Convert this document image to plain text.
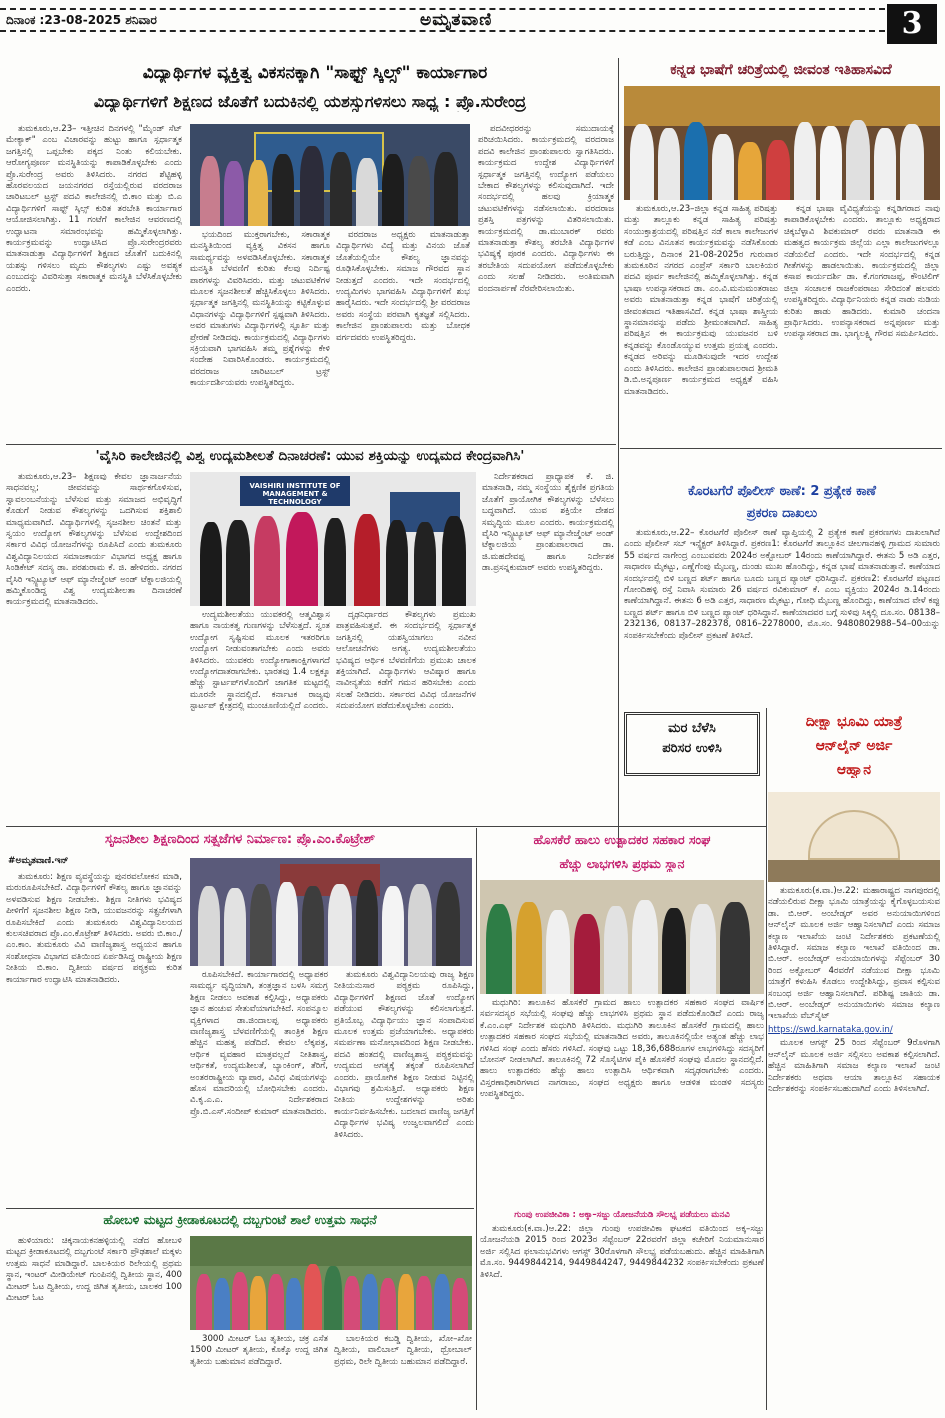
ದಿನಾಂಕ :23-08-2025 ಶನಿವಾರ	ಅಮೃತವಾಣಿ	3
ವಿದ್ಯಾರ್ಥಿಗಳ ವ್ಯಕ್ತಿತ್ವ ವಿಕಸನಕ್ಕಾಗಿ "ಸಾಫ್ಟ್ ಸ್ಕಿಲ್ಸ್" ಕಾರ್ಯಾಗಾರ
ವಿದ್ಯಾರ್ಥಿಗಳಿಗೆ ಶಿಕ್ಷಣದ ಜೊತೆಗೆ ಬದುಕಿನಲ್ಲಿ ಯಶಸ್ಸುಗಳಿಸಲು ಸಾಧ್ಯ : ಪ್ರೊ.ಸುರೇಂದ್ರ

ತುಮಕೂರು,ಆ.23– ಇತ್ತೀಚಿನ ದಿನಗಳಲ್ಲಿ "ಮೈಂಡ್ ಸೆಟ್ ಮೇಕ್ಯಾಕ್" ಎಂಬ ವಿಚಾರವನ್ನು ಹುಟ್ಟು ಹಾಗೂ ಸ್ಪರ್ಧಾತ್ಮಕ ಜಗತ್ತಿನಲ್ಲಿ ಒಪ್ಪಬೇಕು ಪಕ್ಕದ ನಿಂತು ಕಲಿಯಬೇಕು. ಆರೋಗ್ಯಪೂರ್ಣ ಮನಸ್ಥಿತಿಯನ್ನು ಕಾಪಾಡಿಕೊಳ್ಳಬೇಕು ಎಂದು ಪ್ರೊ.ಸುರೇಂದ್ರ ಅವರು ತಿಳಿಸಿದರು. ನಗರದ ಶೆಟ್ಟಿಹಳ್ಳಿ ಹೊರವಲಯದ ಜಯನಗರದ ರಸ್ತೆಯಲ್ಲಿರುವ ವರದರಾಜ ಚಾರಿಟಬಲ್ ಟ್ರಸ್ಟ್ ಪದವಿ ಕಾಲೇಜಿನಲ್ಲಿ ಬಿ.ಕಾಂ ಮತ್ತು ಬಿ.ಎ ವಿದ್ಯಾರ್ಥಿಗಳಿಗೆ ಸಾಫ್ಟ್ ಸ್ಕಿಲ್ಸ್ ಕುರಿತ ತರಬೇತಿ ಕಾರ್ಯಾಗಾರ ಆಯೋಜಿಸಲಾಗಿತ್ತು. 11 ಗಂಟೆಗೆ ಕಾಲೇಜಿನ ಆವರಣದಲ್ಲಿ ಉದ್ಘಾಟನಾ ಸಮಾರಂಭವನ್ನು ಹಮ್ಮಿಕೊಳ್ಳಲಾಗಿತ್ತು. ಕಾರ್ಯಕ್ರಮವನ್ನು ಉದ್ಘಾಟಿಸಿದ ಪ್ರೊ.ಸುರೇಂದ್ರರವರು ಮಾತನಾಡುತ್ತಾ ವಿದ್ಯಾರ್ಥಿಗಳಿಗೆ ಶಿಕ್ಷಣದ ಜೊತೆಗೆ ಬದುಕಿನಲ್ಲಿ ಯಶಸ್ಸು ಗಳಿಸಲು ಮೃದು ಕೌಶಲ್ಯಗಳು ಎಷ್ಟು ಅವಶ್ಯಕ ಎಂಬುದನ್ನು ವಿವರಿಸುತ್ತಾ ಸಕಾರಾತ್ಮಕ ಮನಸ್ಥಿತಿ ಬೆಳೆಸಿಕೊಳ್ಳಬೇಕು ಎಂದರು.

ಭಯದಿಂದ ಮುಕ್ತರಾಗಬೇಕು, ಸಕಾರಾತ್ಮಕ ಮನಸ್ಥಿತಿಯಿಂದ ವ್ಯಕ್ತಿತ್ವ ವಿಕಸನ ಹಾಗೂ ಸಾಮರ್ಥ್ಯವನ್ನು ಅಳವಡಿಸಿಕೊಳ್ಳಬೇಕು. ಸಕಾರಾತ್ಮಕ ಮನಸ್ಥಿತಿ ಬೆಳವಣಿಗೆ ಕುರಿತು ಕೆಲವು ನಿರ್ದಿಷ್ಟ ಪಾಠಗಳನ್ನು ವಿವರಿಸಿದರು. ಮತ್ತು ಚಟುವಟಿಕೆಗಳ ಮೂಲಕ ಸೃಜನಶೀಲತೆ ಹೆಚ್ಚಿಸಿಕೊಳ್ಳಲು ತಿಳಿಸಿದರು. ಸ್ಪರ್ಧಾತ್ಮಕ ಜಗತ್ತಿನಲ್ಲಿ ಮನಸ್ಥಿತಿಯನ್ನು ಕಟ್ಟಿಕೊಳ್ಳುವ ವಿಧಾನಗಳನ್ನು ವಿದ್ಯಾರ್ಥಿಗಳಿಗೆ ಸ್ಪಷ್ಟವಾಗಿ ತಿಳಿಸಿದರು. ಅವರ ಮಾತುಗಳು ವಿದ್ಯಾರ್ಥಿಗಳಲ್ಲಿ ಸ್ಫೂರ್ತಿ ಮತ್ತು ಪ್ರೇರಣೆ ನೀಡಿದವು. ಕಾರ್ಯಕ್ರಮದಲ್ಲಿ ವಿದ್ಯಾರ್ಥಿಗಳು ಸಕ್ರಿಯವಾಗಿ ಭಾಗವಹಿಸಿ ತಮ್ಮ ಪ್ರಶ್ನೆಗಳನ್ನು ಕೇಳಿ ಸಂದೇಹ ನಿವಾರಿಸಿಕೊಂಡರು. ಕಾರ್ಯಕ್ರಮದಲ್ಲಿ ವರದರಾಜ ಚಾರಿಟಬಲ್ ಟ್ರಸ್ಟ್ ಕಾರ್ಯದರ್ಶಿಯವರು ಉಪಸ್ಥಿತರಿದ್ದರು.

ವರದರಾಜ ಅಧ್ಯಕ್ಷರು ಮಾತನಾಡುತ್ತಾ ವಿದ್ಯಾರ್ಥಿಗಳು ವಿದ್ಯೆ ಮತ್ತು ವಿನಯ ಜೊತೆ ಜೊತೆಯಲ್ಲಿಯೇ ಕೌಶಲ್ಯ ಜ್ಞಾನವನ್ನು ರೂಢಿಸಿಕೊಳ್ಳಬೇಕು. ಸಮಾಜ ಗೌರವದ ಸ್ಥಾನ ನೀಡುತ್ತದೆ ಎಂದರು. ಇದೇ ಸಂದರ್ಭದಲ್ಲಿ ಉದ್ಯಮಿಗಳು ಭಾಗವಹಿಸಿ ವಿದ್ಯಾರ್ಥಿಗಳಿಗೆ ಶುಭ ಹಾರೈಸಿದರು. ಇದೇ ಸಂದರ್ಭದಲ್ಲಿ ಶ್ರೀ ವರದರಾಜ ಅವರು ಸಂಸ್ಥೆಯ ಪರವಾಗಿ ಕೃತಜ್ಞತೆ ಸಲ್ಲಿಸಿದರು. ಕಾಲೇಜಿನ ಪ್ರಾಂಶುಪಾಲರು ಮತ್ತು ಬೋಧಕ ವರ್ಗದವರು ಉಪಸ್ಥಿತರಿದ್ದರು.

ಪದವೀಧರರನ್ನು ಸಮುದಾಯಕ್ಕೆ ಪರಿಚಯಿಸಿದರು. ಕಾರ್ಯಕ್ರಮದಲ್ಲಿ ವರದರಾಜ ಪದವಿ ಕಾಲೇಜಿನ ಪ್ರಾಂಶುಪಾಲರು ಸ್ವಾಗತಿಸಿದರು. ಕಾರ್ಯಕ್ರಮದ ಉದ್ದೇಶ ವಿದ್ಯಾರ್ಥಿಗಳಿಗೆ ಸ್ಪರ್ಧಾತ್ಮಕ ಜಗತ್ತಿನಲ್ಲಿ ಉದ್ಯೋಗ ಪಡೆಯಲು ಬೇಕಾದ ಕೌಶಲ್ಯಗಳನ್ನು ಕಲಿಸುವುದಾಗಿದೆ. ಇದೇ ಸಂದರ್ಭದಲ್ಲಿ ಹಲವು ಕ್ರಿಯಾತ್ಮಕ ಚಟುವಟಿಕೆಗಳನ್ನು ನಡೆಸಲಾಯಿತು. ವರದರಾಜ ಪ್ರಶಸ್ತಿ ಪತ್ರಗಳನ್ನು ವಿತರಿಸಲಾಯಿತು. ಕಾರ್ಯಕ್ರಮದಲ್ಲಿ ಡಾ.ಮುಬಾರಕ್ ರವರು ಮಾತನಾಡುತ್ತಾ ಕೌಶಲ್ಯ ತರಬೇತಿ ವಿದ್ಯಾರ್ಥಿಗಳ ಭವಿಷ್ಯಕ್ಕೆ ಪೂರಕ ಎಂದರು. ವಿದ್ಯಾರ್ಥಿಗಳು ಈ ತರಬೇತಿಯ ಸದುಪಯೋಗ ಪಡೆದುಕೊಳ್ಳಬೇಕು ಎಂದು ಸಲಹೆ ನೀಡಿದರು. ಅಂತಿಮವಾಗಿ ವಂದನಾರ್ಪಣೆ ನೆರವೇರಿಸಲಾಯಿತು.

ಕನ್ನಡ ಭಾಷೆಗೆ ಚರಿತ್ರೆಯಲ್ಲಿ ಜೀವಂತ ಇತಿಹಾಸವಿದೆ

ತುಮಕೂರು,ಆ.23–ಜಿಲ್ಲಾ ಕನ್ನಡ ಸಾಹಿತ್ಯ ಪರಿಷತ್ತು ಮತ್ತು ತಾಲ್ಲೂಕು ಕನ್ನಡ ಸಾಹಿತ್ಯ ಪರಿಷತ್ತು ಸಂಯುಕ್ತಾಶ್ರಯದಲ್ಲಿ ಪರಿಷತ್ತಿನ ನಡೆ ಕಾಲಾ ಕಾಲೇಜುಗಳ ಕಡೆ ಎಂಬ ವಿನೂತನ ಕಾರ್ಯಕ್ರಮವನ್ನು ನಡೆಸಿಕೊಂಡು ಬರುತ್ತಿದ್ದು, ದಿನಾಂಕ 21-08-2025ರ ಗುರುವಾರ ತುಮಕೂರಿನ ನಗರದ ಎಂಪ್ರೆಸ್ ಸರ್ಕಾರಿ ಬಾಲಕಿಯರ ಪದವಿ ಪೂರ್ವ ಕಾಲೇಜಿನಲ್ಲಿ ಹಮ್ಮಿಕೊಳ್ಳಲಾಗಿತ್ತು. ಕನ್ನಡ ಭಾಷಾ ಉಪನ್ಯಾಸಕರಾದ ಡಾ. ಎಂ.ವಿ.ಮನುಮಂತರಾಜು ಅವರು ಮಾತನಾಡುತ್ತಾ ಕನ್ನಡ ಭಾಷೆಗೆ ಚರಿತ್ರೆಯಲ್ಲಿ ಜೀವಂತವಾದ ಇತಿಹಾಸವಿದೆ. ಕನ್ನಡ ಭಾಷಾ ಶಾಸ್ತ್ರೀಯ ಸ್ಥಾನಮಾನವನ್ನು ಪಡೆದು ಶ್ರೀಮಂತವಾಗಿದೆ. ಸಾಹಿತ್ಯ ಪರಿಷತ್ತಿನ ಈ ಕಾರ್ಯಕ್ರಮವು ಯುವಜನರ ಬಳಿ ಕನ್ನಡವನ್ನು ಕೊಂಡೊಯ್ಯುವ ಉತ್ತಮ ಪ್ರಯತ್ನ ಎಂದರು. ಕನ್ನಡದ ಅರಿವನ್ನು ಮೂಡಿಸುವುದೇ ಇದರ ಉದ್ದೇಶ ಎಂದು ತಿಳಿಸಿದರು. ಕಾಲೇಜಿನ ಪ್ರಾಂಶುಪಾಲರಾದ ಶ್ರೀಮತಿ ಡಿ.ಬಿ.ಅನ್ನಪೂರ್ಣ ಕಾರ್ಯಕ್ರಮದ ಅಧ್ಯಕ್ಷತೆ ವಹಿಸಿ ಮಾತನಾಡಿದರು.

ಕನ್ನಡ ಭಾಷಾ ವೈವಿಧ್ಯತೆಯನ್ನು ಕನ್ನಡಿಗರಾದ ನಾವು ಕಾಪಾಡಿಕೊಳ್ಳಬೇಕು ಎಂದರು. ತಾಲ್ಲೂಕು ಅಧ್ಯಕ್ಷರಾದ ಚಿಕ್ಕಬೆಳ್ಳಾವಿ ಶಿವಕುಮಾರ್ ರವರು ಮಾತನಾಡಿ ಈ ಮಹತ್ವದ ಕಾರ್ಯಕ್ರಮ ಜಿಲ್ಲೆಯ ಎಲ್ಲಾ ಕಾಲೇಜುಗಳಲ್ಲೂ ನಡೆಯಲಿದೆ ಎಂದರು. ಇದೇ ಸಂದರ್ಭದಲ್ಲಿ ಕನ್ನಡ ಗೀತೆಗಳನ್ನು ಹಾಡಲಾಯಿತು. ಕಾರ್ಯಕ್ರಮದಲ್ಲಿ ಜಿಲ್ಲಾ ಕಸಾಪ ಕಾರ್ಯದರ್ಶಿ ಡಾ. ಕೆ.ಗಂಗರಾಜಪ್ಪ, ಕೌಂಟಿಲಿಗ್ ಜಿಲ್ಲಾ ಸಂಚಾಲಕ ರಾಜಕೆಂಪರಾಜು ಸೇರಿದಂತೆ ಹಲವರು ಉಪಸ್ಥಿತರಿದ್ದರು. ವಿದ್ಯಾರ್ಥಿನಿಯರು ಕನ್ನಡ ನಾಡು ನುಡಿಯ ಕುರಿತು ಹಾಡು ಹಾಡಿದರು. ಕುಮಾರಿ ಚಂದನಾ ಪ್ರಾರ್ಥಿಸಿದರು. ಉಪನ್ಯಾಸಕರಾದ ಅನ್ನಪೂರ್ಣ ಮತ್ತು ಉಪನ್ಯಾಸಕರಾದ ಡಾ. ಭಾಗ್ಯಲಕ್ಷ್ಮಿ ಗೌರವ ಸಮರ್ಪಿಸಿದರು.

'ವೈಸಿರಿ ಕಾಲೇಜಿನಲ್ಲಿ ವಿಶ್ವ ಉದ್ಯಮಶೀಲತೆ ದಿನಾಚರಣೆ: ಯುವ ಶಕ್ತಿಯನ್ನು ಉದ್ಯಮದ ಕೇಂದ್ರವಾಗಿಸಿ'

ತುಮಕೂರು,ಆ.23– ಶಿಕ್ಷಣವು ಕೇವಲ ಜ್ಞಾನಾರ್ಜನೆಯ ಸಾಧನವಲ್ಲ; ಜೀವನವನ್ನು ಸಾರ್ಥಕಗೊಳಿಸುವ, ಸ್ವಾವಲಂಬನೆಯನ್ನು ಬೆಳೆಸುವ ಮತ್ತು ಸಮಾಜದ ಅಭಿವೃದ್ಧಿಗೆ ಕೊಡುಗೆ ನೀಡುವ ಕೌಶಲ್ಯಗಳನ್ನು ಒದಗಿಸುವ ಶಕ್ತಿಶಾಲಿ ಮಾಧ್ಯಮವಾಗಿದೆ. ವಿದ್ಯಾರ್ಥಿಗಳಲ್ಲಿ ಸೃಜನಶೀಲ ಚಿಂತನೆ ಮತ್ತು ಸ್ವಯಂ ಉದ್ಯೋಗ ಕೌಶಲ್ಯಗಳನ್ನು ಬೆಳೆಸುವ ಉದ್ದೇಶದಿಂದ ಸರ್ಕಾರ ವಿವಿಧ ಯೋಜನೆಗಳನ್ನು ರೂಪಿಸಿದೆ ಎಂದು ತುಮಕೂರು ವಿಶ್ವವಿದ್ಯಾನಿಲಯದ ಸಮಾಜಕಾರ್ಯ ವಿಭಾಗದ ಅಧ್ಯಕ್ಷ ಹಾಗೂ ಸಿಂಡಿಕೇಟ್ ಸದಸ್ಯ ಡಾ. ಪರಶುರಾಮ ಕೆ. ಜಿ. ಹೇಳಿದರು. ನಗರದ ವೈಸಿರಿ ಇನ್ಸ್ಟಿಟ್ಯೂಟ್ ಆಫ್ ಮ್ಯಾನೇಜ್ಮೆಂಟ್ ಅಂಡ್ ಟೆಕ್ನಾಲಜಿಯಲ್ಲಿ ಹಮ್ಮಿಕೊಂಡಿದ್ದ ವಿಶ್ವ ಉದ್ಯಮಶೀಲತಾ ದಿನಾಚರಣೆ ಕಾರ್ಯಕ್ರಮದಲ್ಲಿ ಮಾತನಾಡಿದರು.

VAISHIRI INSTITUTE OF MANAGEMENT & TECHNOLOGY

ಉದ್ಯಮಶೀಲತೆಯು ಯುವಕರಲ್ಲಿ ಆತ್ಮವಿಶ್ವಾಸ ಹಾಗೂ ನಾಯಕತ್ವ ಗುಣಗಳನ್ನು ಬೆಳೆಸುತ್ತದೆ. ಸ್ವಂತ ಉದ್ಯೋಗ ಸೃಷ್ಟಿಸುವ ಮೂಲಕ ಇತರರಿಗೂ ಉದ್ಯೋಗ ನೀಡುವಂತಾಗಬೇಕು ಎಂದು ಅವರು ತಿಳಿಸಿದರು. ಯುವಕರು ಉದ್ಯೋಗಾಕಾಂಕ್ಷಿಗಳಾಗದೆ ಉದ್ಯೋಗದಾತರಾಗಬೇಕು. ಭಾರತವು 1.4 ಲಕ್ಷಕ್ಕೂ ಹೆಚ್ಚು ಸ್ಟಾರ್ಟಪ್‌ಗಳೊಂದಿಗೆ ಜಾಗತಿಕ ಮಟ್ಟದಲ್ಲಿ ಮೂರನೇ ಸ್ಥಾನದಲ್ಲಿದೆ. ಕರ್ನಾಟಕ ರಾಜ್ಯವು ಸ್ಟಾರ್ಟಪ್ ಕ್ಷೇತ್ರದಲ್ಲಿ ಮುಂಚೂಣಿಯಲ್ಲಿದೆ ಎಂದರು.

ದೃಢನಿರ್ಧಾರದ ಕೌಶಲ್ಯಗಳು ಪ್ರಮುಖ ಪಾತ್ರವಹಿಸುತ್ತವೆ. ಈ ಸಂದರ್ಭದಲ್ಲಿ ಸ್ಪರ್ಧಾತ್ಮಕ ಜಗತ್ತಿನಲ್ಲಿ ಯಶಸ್ವಿಯಾಗಲು ನವೀನ ಆಲೋಚನೆಗಳು ಅಗತ್ಯ. ಉದ್ಯಮಶೀಲತೆಯು ಭವಿಷ್ಯದ ಆರ್ಥಿಕ ಬೆಳವಣಿಗೆಯ ಪ್ರಮುಖ ಚಾಲಕ ಶಕ್ತಿಯಾಗಿದೆ. ವಿದ್ಯಾರ್ಥಿಗಳು ಆವಿಷ್ಕಾರ ಹಾಗೂ ನಾವೀನ್ಯತೆಯ ಕಡೆಗೆ ಗಮನ ಹರಿಸಬೇಕು ಎಂದು ಸಲಹೆ ನೀಡಿದರು. ಸರ್ಕಾರದ ವಿವಿಧ ಯೋಜನೆಗಳ ಸದುಪಯೋಗ ಪಡೆದುಕೊಳ್ಳಬೇಕು ಎಂದರು.

ನಿರ್ದೇಶಕರಾದ ಪ್ರಾಧ್ಯಾಪಕ ಕೆ. ಜಿ. ಮಾತನಾಡಿ, ನಮ್ಮ ಸಂಸ್ಥೆಯು ಶೈಕ್ಷಣಿಕ ಪ್ರಗತಿಯ ಜೊತೆಗೆ ಪ್ರಾಯೋಗಿಕ ಕೌಶಲ್ಯಗಳನ್ನು ಬೆಳೆಸಲು ಬದ್ಧವಾಗಿದೆ. ಯುವ ಶಕ್ತಿಯೇ ದೇಶದ ಸಮೃದ್ಧಿಯ ಮೂಲ ಎಂದರು. ಕಾರ್ಯಕ್ರಮದಲ್ಲಿ ವೈಸಿರಿ ಇನ್ಸ್ಟಿಟ್ಯೂಟ್ ಆಫ್ ಮ್ಯಾನೇಜ್ಮೆಂಟ್ ಅಂಡ್ ಟೆಕ್ನಾಲಜಿಯ ಪ್ರಾಂಶುಪಾಲರಾದ ಡಾ. ಜಿ.ಮಹದೇವಪ್ಪ ಹಾಗೂ ನಿರ್ದೇಶಕ ಡಾ.ಪ್ರಸನ್ನಕುಮಾರ್ ಅವರು ಉಪಸ್ಥಿತರಿದ್ದರು.

ಕೊರಟಗೆರೆ ಪೊಲೀಸ್ ಠಾಣೆ: 2 ಪ್ರತ್ಯೇಕ ಕಾಣೆ
ಪ್ರಕರಣ ದಾಖಲು

ತುಮಕೂರು,ಆ.22– ಕೊರಟಗೆರೆ ಪೊಲೀಸ್ ಠಾಣೆ ವ್ಯಾಪ್ತಿಯಲ್ಲಿ 2 ಪ್ರತ್ಯೇಕ ಕಾಣೆ ಪ್ರಕರಣಗಳು ದಾಖಲಾಗಿವೆ ಎಂದು ಪೊಲೀಸ್ ಸಬ್ ಇನ್ಸ್ಪೆಕ್ಟರ್ ತಿಳಿಸಿದ್ದಾರೆ. ಪ್ರಕರಣ1: ಕೊರಟಗೆರೆ ತಾಲ್ಲೂಕಿನ ಚೀಲಗಾನಹಳ್ಳಿ ಗ್ರಾಮದ ಸುಮಾರು 55 ವರ್ಷದ ನಾಗೇಂದ್ರ ಎಂಬುವವರು 2024ರ ಅಕ್ಟೋಬರ್ 14ರಂದು ಕಾಣೆಯಾಗಿದ್ದಾರೆ. ಈತನು 5 ಅಡಿ ಎತ್ತರ, ಸಾಧಾರಣ ಮೈಕಟ್ಟು, ಎಣ್ಣೆಗೆಂಪು ಮೈಬಣ್ಣ, ದುಂಡು ಮುಖ ಹೊಂದಿದ್ದು, ಕನ್ನಡ ಭಾಷೆ ಮಾತನಾಡುತ್ತಾನೆ. ಕಾಣೆಯಾದ ಸಂದರ್ಭದಲ್ಲಿ ಬಿಳಿ ಬಣ್ಣದ ಶರ್ಟ್ ಹಾಗೂ ಬೂದು ಬಣ್ಣದ ಪ್ಯಾಂಟ್ ಧರಿಸಿದ್ದಾನೆ. ಪ್ರಕರಣ2: ಕೊರಟಗೆರೆ ಪಟ್ಟಣದ ಗೋಂದಿಹಳ್ಳಿ ರಸ್ತೆ ನಿವಾಸಿ ಸುಮಾರು 26 ವರ್ಷದ ರವಿಕುಮಾರ್ ಕೆ. ಎಂಬ ವ್ಯಕ್ತಿಯು 2024ರ ಡಿ.14ರಂದು ಕಾಣೆಯಾಗಿದ್ದಾನೆ. ಈತನು 6 ಅಡಿ ಎತ್ತರ, ಸಾಧಾರಣ ಮೈಕಟ್ಟು, ಗೋಧಿ ಮೈಬಣ್ಣ ಹೊಂದಿದ್ದು, ಕಾಣೆಯಾದ ವೇಳೆ ಕಪ್ಪು ಬಣ್ಣದ ಶರ್ಟ್ ಹಾಗೂ ಬಿಳಿ ಬಣ್ಣದ ಪ್ಯಾಂಟ್ ಧರಿಸಿದ್ದಾನೆ. ಕಾಣೆಯಾದವರ ಬಗ್ಗೆ ಸುಳಿವು ಸಿಕ್ಕಲ್ಲಿ ದೂ.ಸಂ. 08138–232136, 08137–282378, 0816–2278000, ಮೊ.ಸಂ. 9480802988–54–00ಯನ್ನು ಸಂಪರ್ಕಿಸಬೇಕೆಂದು ಪೊಲೀಸ್ ಪ್ರಕಟಣೆ ತಿಳಿಸಿದೆ.

ಮರ ಬೆಳೆಸಿ
ಪರಿಸರ ಉಳಿಸಿ
ದೀಕ್ಷಾ ಭೂಮಿ ಯಾತ್ರೆ
ಆನ್‌ಲೈನ್ ಅರ್ಜಿ
ಆಹ್ವಾನ

ತುಮಕೂರು(ಕ.ವಾ.)ಆ.22: ಮಹಾರಾಷ್ಟ್ರದ ನಾಗಪುರದಲ್ಲಿ ನಡೆಯಲಿರುವ ದೀಕ್ಷಾ ಭೂಮಿ ಯಾತ್ರೆಯನ್ನು ಕೈಗೊಳ್ಳಬಯಸುವ ಡಾ. ಬಿ.ಆರ್. ಅಂಬೇಡ್ಕರ್ ಅವರ ಅನುಯಾಯಿಗಳಿಂದ ಆನ್‌ಲೈನ್ ಮೂಲಕ ಅರ್ಜಿ ಆಹ್ವಾನಿಸಲಾಗಿದೆ ಎಂದು ಸಮಾಜ ಕಲ್ಯಾಣ ಇಲಾಖೆಯ ಜಂಟಿ ನಿರ್ದೇಶಕರು ಪ್ರಕಟಣೆಯಲ್ಲಿ ತಿಳಿಸಿದ್ದಾರೆ. ಸಮಾಜ ಕಲ್ಯಾಣ ಇಲಾಖೆ ವತಿಯಿಂದ ಡಾ. ಬಿ.ಆರ್. ಅಂಬೇಡ್ಕರ್ ಅನುಯಾಯಿಗಳನ್ನು ಸೆಪ್ಟೆಂಬರ್ 30 ರಿಂದ ಅಕ್ಟೋಬರ್ 4ರವರೆಗೆ ನಡೆಯುವ ದೀಕ್ಷಾ ಭೂಮಿ ಯಾತ್ರೆಗೆ ಕಳುಹಿಸಿ ಕೊಡಲು ಉದ್ದೇಶಿಸಿದ್ದು, ಪ್ರವಾಸ ಕಲ್ಪಿಸುವ ಸಂಬಂಧ ಅರ್ಜಿ ಆಹ್ವಾನಿಸಲಾಗಿದೆ. ಪರಿಶಿಷ್ಟ ಜಾತಿಯ ಡಾ. ಬಿ.ಆರ್. ಅಂಬೇಡ್ಕರ್ ಅನುಯಾಯಿಗಳು ಸಮಾಜ ಕಲ್ಯಾಣ ಇಲಾಖೆಯ ವೆಬ್‌ಸೈಟ್

https://swd.karnataka.gov.in/

ಮೂಲಕ ಆಗಸ್ಟ್ 25 ರಿಂದ ಸೆಪ್ಟೆಂಬರ್ 9ರೊಳಗಾಗಿ ಆನ್‌ಲೈನ್ ಮೂಲಕ ಅರ್ಜಿ ಸಲ್ಲಿಸಲು ಅವಕಾಶ ಕಲ್ಪಿಸಲಾಗಿದೆ. ಹೆಚ್ಚಿನ ಮಾಹಿತಿಗಾಗಿ ಸಮಾಜ ಕಲ್ಯಾಣ ಇಲಾಖೆ ಜಂಟಿ ನಿರ್ದೇಶಕರು ಅಥವಾ ಆಯಾ ತಾಲ್ಲೂಕಿನ ಸಹಾಯಕ ನಿರ್ದೇಶಕರನ್ನು ಸಂಪರ್ಕಿಸಬಹುದಾಗಿದೆ ಎಂದು ತಿಳಿಸಲಾಗಿದೆ.

ಸೃಜನಶೀಲ ಶಿಕ್ಷಣದಿಂದ ಸತ್ಪ್ರಜೆಗಳ ನಿರ್ಮಾಣ: ಪ್ರೊ.ಎಂ.ಕೊಟ್ರೇಶ್
#ಅಮೃತವಾಣಿ.ಇನ್

ತುಮಕೂರು: ಶಿಕ್ಷಣ ವ್ಯವಸ್ಥೆಯನ್ನು ಪುನರವಲೋಕನ ಮಾಡಿ, ಮರುರೂಪಿಸಬೇಕಿದೆ. ವಿದ್ಯಾರ್ಥಿಗಳಿಗೆ ಕೌಶಲ್ಯ ಹಾಗೂ ಜ್ಞಾನವನ್ನು ಅಳವಡಿಸುವ ಶಿಕ್ಷಣ ನೀಡಬೇಕು. ಶಿಕ್ಷಣ ನೀತಿಗಳು ಭವಿಷ್ಯದ ಪೀಳಿಗೆಗೆ ಸೃಜನಶೀಲ ಶಿಕ್ಷಣ ನೀಡಿ, ಯುವಜನರನ್ನು ಸತ್ಪ್ರಜೆಗಳಾಗಿ ರೂಪಿಸಬೇಕಿದೆ ಎಂದು ತುಮಕೂರು ವಿಶ್ವವಿದ್ಯಾನಿಲಯದ ಕುಲಸಚಿವರಾದ ಪ್ರೊ.ಎಂ.ಕೊಟ್ರೇಶ್ ತಿಳಿಸಿದರು. ಅವರು ಬಿ.ಕಾಂ./ಎಂ.ಕಾಂ. ತುಮಕೂರು ವಿವಿ ವಾಣಿಜ್ಯಶಾಸ್ತ್ರ ಅಧ್ಯಯನ ಹಾಗೂ ಸಂಶೋಧನಾ ವಿಭಾಗದ ವತಿಯಿಂದ ಏರ್ಪಡಿಸಿದ್ದ ರಾಷ್ಟ್ರೀಯ ಶಿಕ್ಷಣ ನೀತಿಯ ಬಿ.ಕಾಂ. ದ್ವಿತೀಯ ವರ್ಷದ ಪಠ್ಯಕ್ರಮ ಕುರಿತ ಕಾರ್ಯಾಗಾರ ಉದ್ಘಾಟಿಸಿ ಮಾತನಾಡಿದರು.	ರೂಪಿಸಬೇಕಿದೆ. ಕಾರ್ಯಾಗಾರದಲ್ಲಿ ಅಧ್ಯಾಪಕರ ಸಾಮರ್ಥ್ಯ ವೃದ್ಧಿಯಾಗಿ, ತಂತ್ರಜ್ಞಾನ ಬಳಸಿ ಸಮಗ್ರ ಶಿಕ್ಷಣ ನೀಡಲು ಅವಕಾಶ ಕಲ್ಪಿಸಿದ್ದು, ಅಧ್ಯಾಪಕರು ಜ್ಞಾನ ಹಂಚುವ ಸೇತುವೆಯಾಗಬೇಕಿದೆ. ಸಂಪನ್ಮೂಲ ವ್ಯಕ್ತಿಗಳಾದ ಡಾ.ಜಿಂದಾಲಪ್ಪ ಅಧ್ಯಾಪಕರು ವಾಣಿಜ್ಯಶಾಸ್ತ್ರ ಬೆಳವಣಿಗೆಯಲ್ಲಿ ತಾಂತ್ರಿಕ ಶಿಕ್ಷಣ ಹೆಚ್ಚಿನ ಮಹತ್ವ ಪಡೆದಿದೆ. ಕೇವಲ ಲೆಕ್ಕಪತ್ರ, ಆರ್ಥಿಕ ವ್ಯವಹಾರ ಮಾತ್ರವಲ್ಲದೆ ನೀತಿಶಾಸ್ತ್ರ, ಆರ್ಥಿಕತೆ, ಉದ್ಯಮಶೀಲತೆ, ಬ್ಯಾಂಕಿಂಗ್, ತೆರಿಗೆ, ಅಂತರರಾಷ್ಟ್ರೀಯ ವ್ಯಾಪಾರ, ವಿವಿಧ ವಿಷಯಗಳನ್ನು ಹೊಸ ಮಾದರಿಯಲ್ಲಿ ಬೋಧಿಸಬೇಕು ಎಂದರು. ವಿ.ಕೃ.ಎ.ಎ. ನಿರ್ದೇಶಕರಾದ ಪ್ರೊ.ಬಿ.ಎಸ್.ಸಂದೀಪ್ ಕುಮಾರ್ ಮಾತನಾಡಿದರು.

ತುಮಕೂರು ವಿಶ್ವವಿದ್ಯಾನಿಲಯವು ರಾಜ್ಯ ಶಿಕ್ಷಣ ನೀತಿಯನುಸಾರ ಪಠ್ಯಕ್ರಮ ರೂಪಿಸಿದ್ದು, ವಿದ್ಯಾರ್ಥಿಗಳಿಗೆ ಶಿಕ್ಷಣದ ಜೊತೆ ಉದ್ಯೋಗ ಪಡೆಯುವ ಕೌಶಲ್ಯಗಳನ್ನು ಕಲಿಸಲಾಗುತ್ತದೆ. ಪ್ರತಿಯೊಬ್ಬ ವಿದ್ಯಾರ್ಥಿಯು ಜ್ಞಾನ ಸಂಪಾದಿಸುವ ಮೂಲಕ ಉತ್ತಮ ಪ್ರಜೆಯಾಗಬೇಕು. ಅಧ್ಯಾಪಕರು ಸಮರ್ಪಣಾ ಮನೋಭಾವದಿಂದ ಶಿಕ್ಷಣ ನೀಡಬೇಕು. ಪದವಿ ಹಂತದಲ್ಲಿ ವಾಣಿಜ್ಯಶಾಸ್ತ್ರ ಪಠ್ಯಕ್ರಮವನ್ನು ಉದ್ಯಮದ ಅಗತ್ಯಕ್ಕೆ ತಕ್ಕಂತೆ ರೂಪಿಸಲಾಗಿದೆ ಎಂದರು. ಪ್ರಾಯೋಗಿಕ ಶಿಕ್ಷಣ ನೀಡುವ ನಿಟ್ಟಿನಲ್ಲಿ ವಿಭಾಗವು ಶ್ರಮಿಸುತ್ತಿದೆ. ಅಧ್ಯಾಪಕರು ಶಿಕ್ಷಣ ನೀತಿಯ ಉದ್ದೇಶಗಳನ್ನು ಅರಿತು ಕಾರ್ಯನಿರ್ವಹಿಸಬೇಕು. ಬದಲಾದ ವಾಣಿಜ್ಯ ಜಗತ್ತಿಗೆ ವಿದ್ಯಾರ್ಥಿಗಳ ಭವಿಷ್ಯ ಉಜ್ವಲವಾಗಲಿದೆ ಎಂದು ತಿಳಿಸಿದರು.

ಹೊಸಕೆರೆ ಹಾಲು ಉತ್ಪಾದಕರ ಸಹಕಾರ ಸಂಘ
ಹೆಚ್ಚು ಲಾಭಗಳಿಸಿ ಪ್ರಥಮ ಸ್ಥಾನ

ಮಧುಗಿರಿ: ತಾಲೂಕಿನ ಹೊಸಕೆರೆ ಗ್ರಾಮದ ಹಾಲು ಉತ್ಪಾದಕರ ಸಹಕಾರ ಸಂಘದ ವಾರ್ಷಿಕ ಸರ್ವಸದಸ್ಯರ ಸಭೆಯಲ್ಲಿ ಸಂಘವು ಹೆಚ್ಚು ಲಾಭಗಳಿಸಿ ಪ್ರಥಮ ಸ್ಥಾನ ಪಡೆದುಕೊಂಡಿದೆ ಎಂದು ರಾಜ್ಯ ಕೆ.ಎಂ.ಎಫ್ ನಿರ್ದೇಶಕ ಮಧುಗಿರಿ ತಿಳಿಸಿದರು. ಮಧುಗಿರಿ ತಾಲೂಕಿನ ಹೊಸಕೆರೆ ಗ್ರಾಮದಲ್ಲಿ ಹಾಲು ಉತ್ಪಾದಕರ ಸಹಕಾರ ಸಂಘದ ಸಭೆಯಲ್ಲಿ ಮಾತನಾಡಿದ ಅವರು, ತಾಲೂಕಿನಲ್ಲಿಯೇ ಅತ್ಯಂತ ಹೆಚ್ಚು ಲಾಭ ಗಳಿಸಿದ ಸಂಘ ಎಂದು ಹೆಸರು ಗಳಿಸಿದೆ. ಸಂಘವು ಒಟ್ಟು 18,36,688ರೂಗಳ ಲಾಭಗಳಿಸಿದ್ದು ಸದಸ್ಯರಿಗೆ ಬೋನಸ್ ನೀಡಲಾಗಿದೆ. ತಾಲೂಕಿನಲ್ಲಿ 72 ಸೊಸೈಟಿಗಳ ಪೈಕಿ ಹೊಸಕೆರೆ ಸಂಘವು ಮೊದಲ ಸ್ಥಾನದಲ್ಲಿದೆ. ಹಾಲು ಉತ್ಪಾದಕರು ಹೆಚ್ಚು ಹಾಲು ಉತ್ಪಾದಿಸಿ ಆರ್ಥಿಕವಾಗಿ ಸದೃಢರಾಗಬೇಕು ಎಂದರು. ವಿಸ್ತರಣಾಧಿಕಾರಿಗಳಾದ ನಾಗರಾಜು, ಸಂಘದ ಅಧ್ಯಕ್ಷರು ಹಾಗೂ ಆಡಳಿತ ಮಂಡಳಿ ಸದಸ್ಯರು ಉಪಸ್ಥಿತರಿದ್ದರು.

ಗುಂಪು ಉಪಜೀವಿಕಾ : ಅಕ್ಕಾ–ಸಜ್ಜು ಯೋಜನೆಯಡಿ ಸೌಲಭ್ಯ ಪಡೆಯಲು ಮನವಿ

ತುಮಕೂರು(ಕ.ವಾ.)ಆ.22: ಜಿಲ್ಲಾ ಗುಂಪು ಉಪಜೀವಿಕಾ ಘಟಕದ ವತಿಯಿಂದ ಅಕ್ಕ–ಸಜ್ಜು ಯೋಜನೆಯಡಿ 2015 ರಿಂದ 2023ರ ಸೆಪ್ಟೆಂಬರ್ 22ರವರೆಗೆ ಜಿಲ್ಲಾ ಕಚೇರಿಗೆ ನಿಯಮಾನುಸಾರ ಅರ್ಜಿ ಸಲ್ಲಿಸಿದ ಫಲಾನುಭವಿಗಳು ಆಗಸ್ಟ್ 30ರೊಳಗಾಗಿ ಸೌಲಭ್ಯ ಪಡೆಯಬಹುದು. ಹೆಚ್ಚಿನ ಮಾಹಿತಿಗಾಗಿ ಮೊ.ಸಂ. 9449844214, 9449844247, 9449844232 ಸಂಪರ್ಕಿಸಬೇಕೆಂದು ಪ್ರಕಟಣೆ ತಿಳಿಸಿದೆ.

ಹೋಬಳಿ ಮಟ್ಟದ ಕ್ರೀಡಾಕೂಟದಲ್ಲಿ ದಬ್ಬಗುಂಟೆ ಶಾಲೆ ಉತ್ತಮ ಸಾಧನೆ

ಹುಳಿಯಾರು: ಚಿಕ್ಕನಾಯಕನಹಳ್ಳಿಯಲ್ಲಿ ನಡೆದ ಹೋಬಳಿ ಮಟ್ಟದ ಕ್ರೀಡಾಕೂಟದಲ್ಲಿ ದಬ್ಬಗುಂಟೆ ಸರ್ಕಾರಿ ಪ್ರೌಢಶಾಲೆ ಮಕ್ಕಳು ಉತ್ತಮ ಸಾಧನೆ ಮಾಡಿದ್ದಾರೆ. ಬಾಲಕಿಯರ ರಿಲೇಯಲ್ಲಿ ಪ್ರಥಮ ಸ್ಥಾನ, ಇಂಟರ್ ಮೀಡಿಯೇಟ್ ಗುಂಪಿನಲ್ಲಿ ದ್ವಿತೀಯ ಸ್ಥಾನ, 400 ಮೀಟರ್ ಓಟ ದ್ವಿತೀಯ, ಉದ್ದ ಜಿಗಿತ ತೃತೀಯ, ಬಾಲಕರ 100 ಮೀಟರ್ ಓಟ

3000 ಮೀಟರ್ ಓಟ ತೃತೀಯ, ಚಕ್ರ ಎಸೆತ 1500 ಮೀಟರ್ ತೃತೀಯ, ಕೊಕ್ಕೊ ಉದ್ದ ಜಿಗಿತ ತೃತೀಯ ಬಹುಮಾನ ಪಡೆದಿದ್ದಾರೆ.

ಬಾಲಕಿಯರ ಕಬಡ್ಡಿ ದ್ವಿತೀಯ, ಖೋ–ಖೋ ದ್ವಿತೀಯ, ವಾಲಿಬಾಲ್ ದ್ವಿತೀಯ, ಥ್ರೋಬಾಲ್ ಪ್ರಥಮ, ರಿಲೇ ದ್ವಿತೀಯ ಬಹುಮಾನ ಪಡೆದಿದ್ದಾರೆ.
